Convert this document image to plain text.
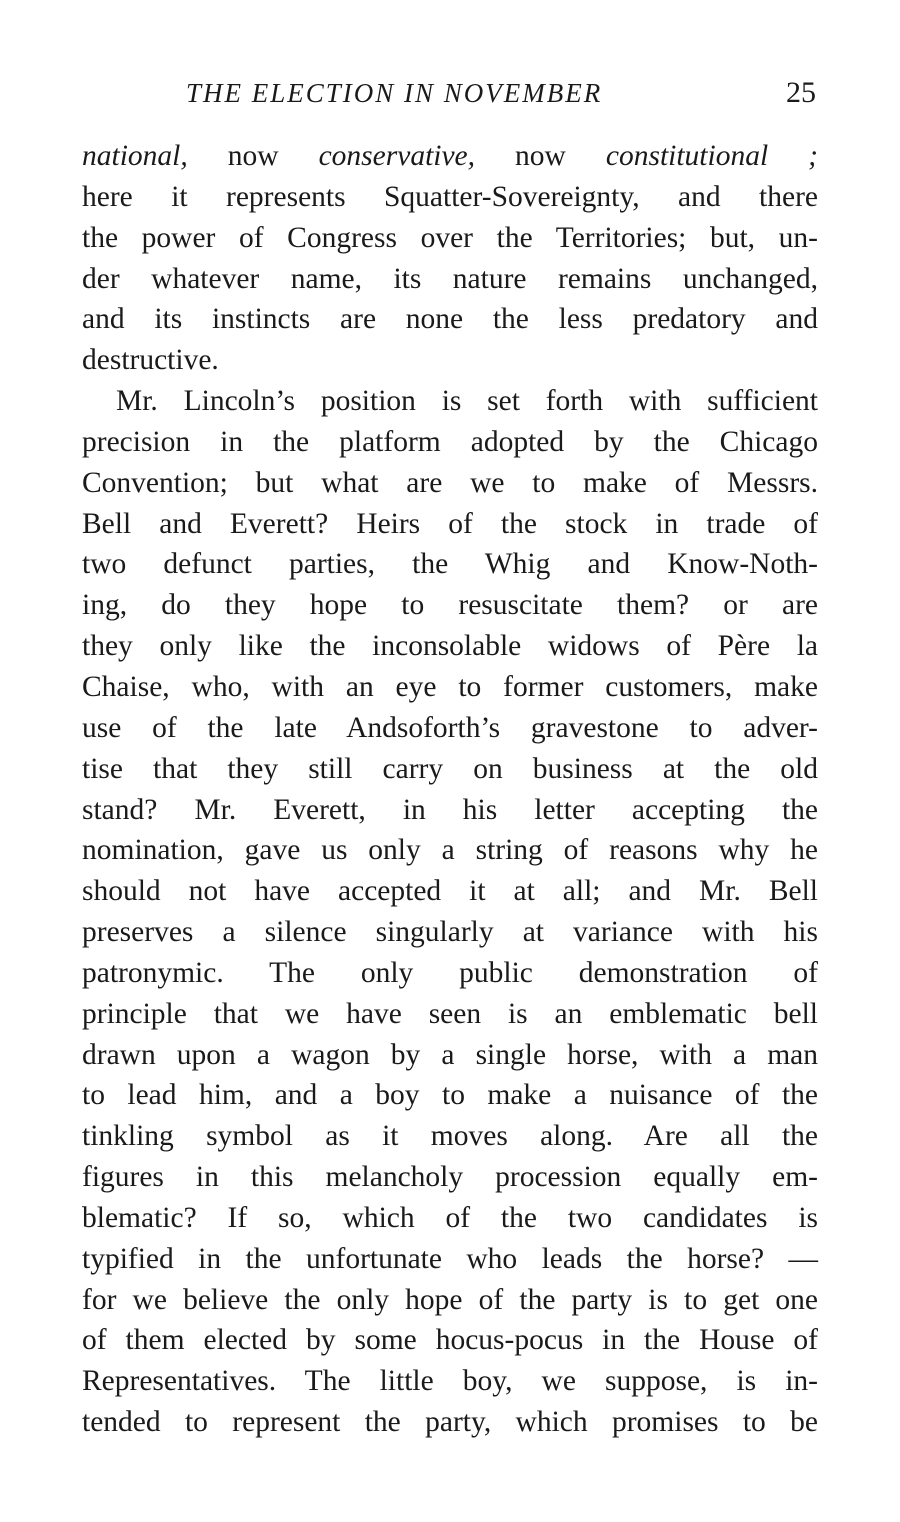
THE ELECTION IN NOVEMBER	25
national, now conservative, now constitutional ;
here it represents Squatter-Sovereignty, and there
the power of Congress over the Territories; but, un-
der whatever name, its nature remains unchanged,
and its instincts are none the less predatory and
destructive.
Mr. Lincoln’s position is set forth with sufficient
precision in the platform adopted by the Chicago
Convention; but what are we to make of Messrs.
Bell and Everett? Heirs of the stock in trade of
two defunct parties, the Whig and Know-Noth-
ing, do they hope to resuscitate them? or are
they only like the inconsolable widows of Père la
Chaise, who, with an eye to former customers, make
use of the late Andsoforth’s gravestone to adver-
tise that they still carry on business at the old
stand? Mr. Everett, in his letter accepting the
nomination, gave us only a string of reasons why he
should not have accepted it at all; and Mr. Bell
preserves a silence singularly at variance with his
patronymic. The only public demonstration of
principle that we have seen is an emblematic bell
drawn upon a wagon by a single horse, with a man
to lead him, and a boy to make a nuisance of the
tinkling symbol as it moves along. Are all the
figures in this melancholy procession equally em-
blematic? If so, which of the two candidates is
typified in the unfortunate who leads the horse? —
for we believe the only hope of the party is to get one
of them elected by some hocus-pocus in the House of
Representatives. The little boy, we suppose, is in-
tended to represent the party, which promises to be
